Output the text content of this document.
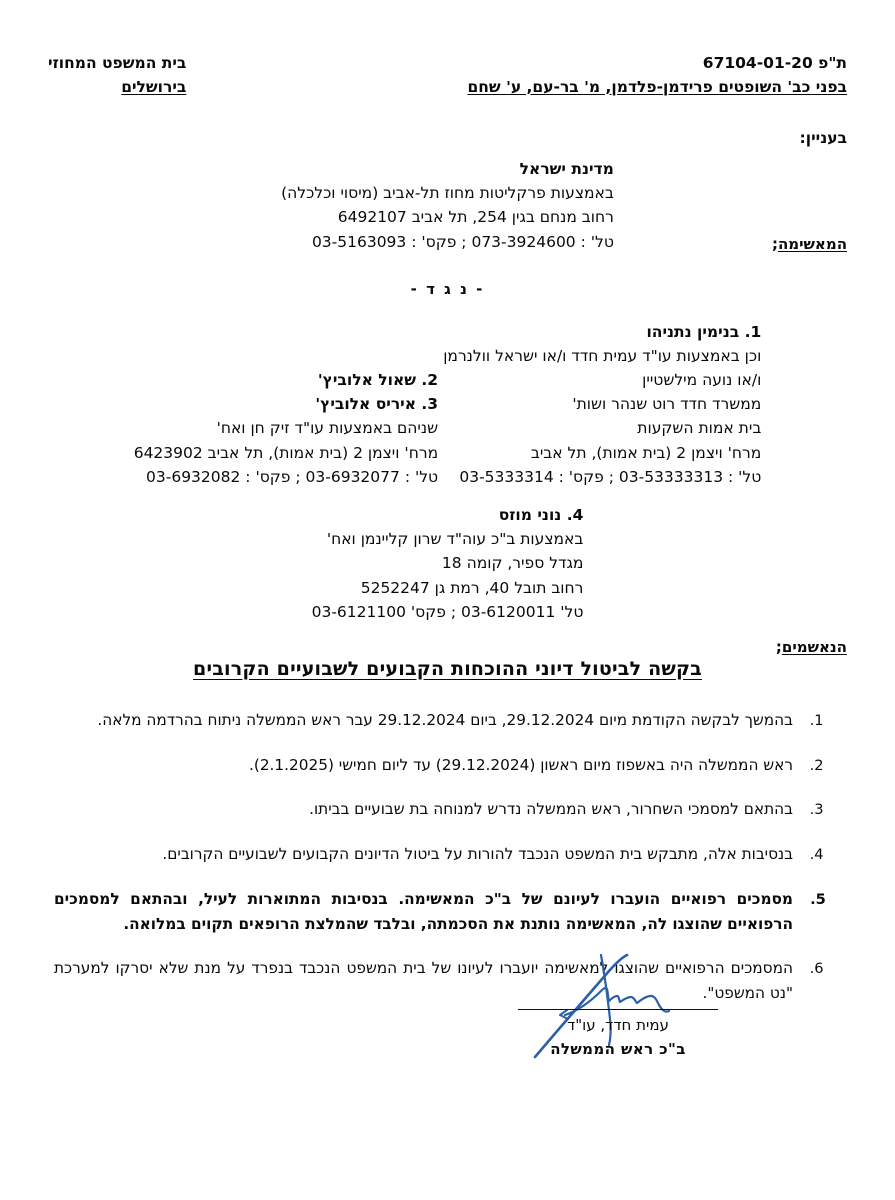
בית המשפט המחוזי
בירושלים
ת"פ 67104-01-20
בפני כב' השופטים פרידמן-פלדמן, מ' בר-עם, ע' שחם
בעניין:
המאשימה;
מדינת ישראל
באמצעות פרקליטות מחוז תל-אביב (מיסוי וכלכלה)
רחוב מנחם בגין 254, תל אביב 6492107
טל' : 073-3924600 ; פקס' : 03-5163093
- נ ג ד -
הנאשמים;
1. בנימין נתניהו
וכן באמצעות עו"ד עמית חדד ו/או ישראל וולנרמן
ו/או נועה מילשטיין
ממשרד חדד רוט שנהר ושות'
בית אמות השקעות
מרח' ויצמן 2 (בית אמות), תל אביב
טל' : 03-53333313 ; פקס' : 03-5333314

2. שאול אלוביץ'
3. איריס אלוביץ'
שניהם באמצעות עו"ד זיק חן ואח'
מרח' ויצמן 2 (בית אמות), תל אביב 6423902
טל' : 03-6932077 ; פקס' : 03-6932082

4. נוני מוזס
באמצעות ב"כ עוה"ד שרון קליינמן ואח'
מגדל ספיר, קומה 18
רחוב תובל 40, רמת גן 5252247
טל' 03-6120011 ; פקס' 03-6121100
בקשה לביטול דיוני ההוכחות הקבועים לשבועיים הקרובים
1. בהמשך לבקשה הקודמת מיום 29.12.2024, ביום 29.12.2024 עבר ראש הממשלה ניתוח בהרדמה מלאה.
2. ראש הממשלה היה באשפוז מיום ראשון (29.12.2024) עד ליום חמישי (2.1.2025).
3. בהתאם למסמכי השחרור, ראש הממשלה נדרש למנוחה בת שבועיים בביתו.
4. בנסיבות אלה, מתבקש בית המשפט הנכבד להורות על ביטול הדיונים הקבועים לשבועיים הקרובים.
5. מסמכים רפואיים הועברו לעיונם של ב"כ המאשימה. בנסיבות המתוארות לעיל, ובהתאם למסמכים הרפואיים שהוצגו לה, המאשימה נותנת את הסכמתה, ובלבד שהמלצת הרופאים תקוים במלואה.
6. המסמכים הרפואיים שהוצגו למאשימה יועברו לעיונו של בית המשפט הנכבד בנפרד על מנת שלא יסרקו למערכת "נט המשפט".
עמית חדד, עו"ד
ב"כ ראש הממשלה
